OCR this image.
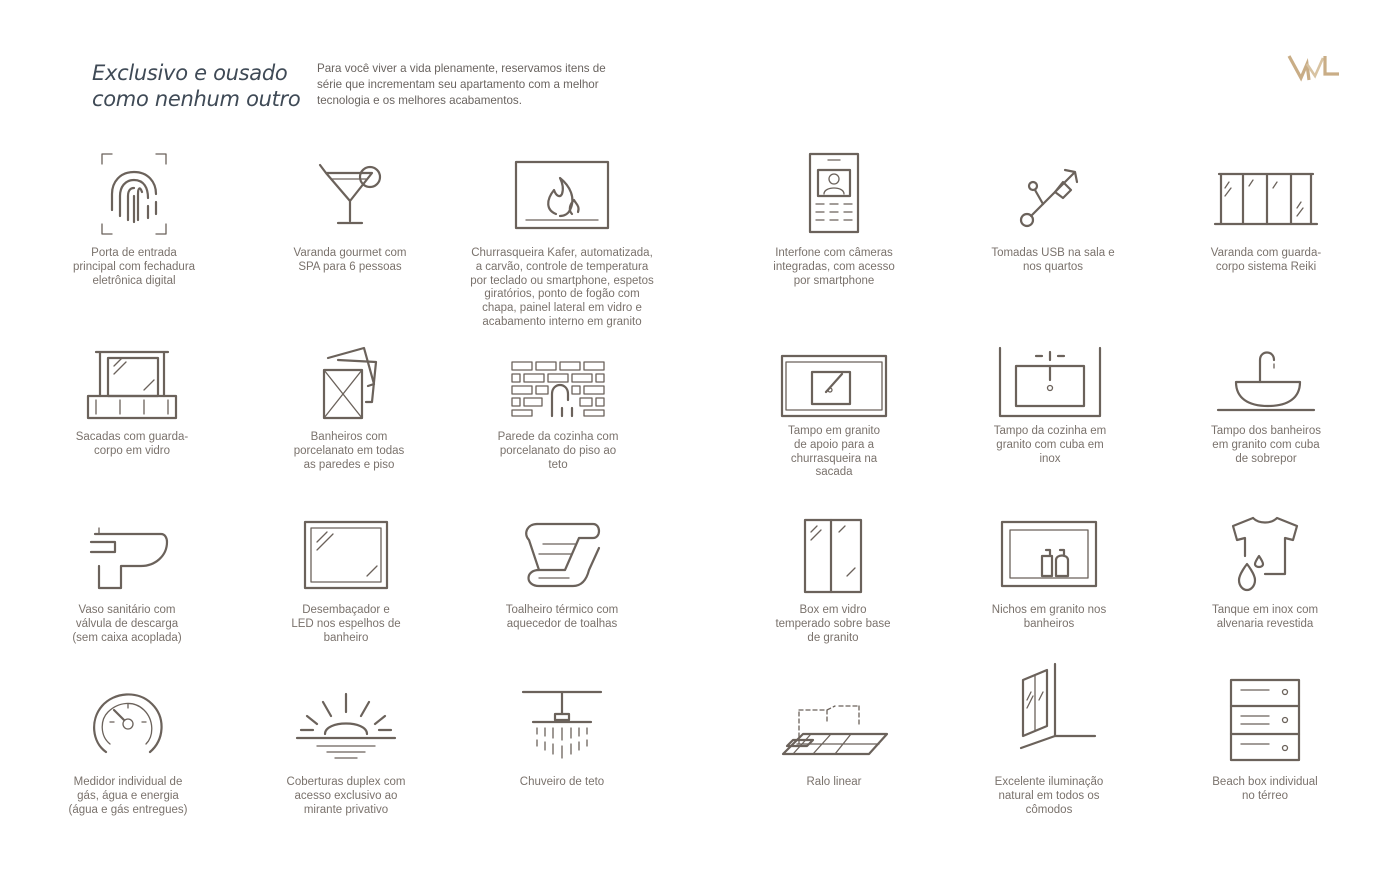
Exclusivo e ousado
como nenhum outro
Para você viver a vida plenamente, reservamos itens de
série que incrementam seu apartamento com a melhor
tecnologia e os melhores acabamentos.
Porta de entrada
principal com fechadura
eletrônica digital
Varanda gourmet com
SPA para 6 pessoas
Churrasqueira Kafer, automatizada,
a carvão, controle de temperatura
por teclado ou smartphone, espetos
giratórios, ponto de fogão com
chapa, painel lateral em vidro e
acabamento interno em granito
Interfone com câmeras
integradas, com acesso
por smartphone
Tomadas USB na sala e
nos quartos
Varanda com guarda-
corpo sistema Reiki
Sacadas com guarda-
corpo em vidro
Banheiros com
porcelanato em todas
as paredes e piso
Parede da cozinha com
porcelanato do piso ao
teto
Tampo em granito
de apoio para a
churrasqueira na
sacada
Tampo da cozinha em
granito com cuba em
inox
Tampo dos banheiros
em granito com cuba
de sobrepor
Vaso sanitário com
válvula de descarga
(sem caixa acoplada)
Desembaçador e
LED nos espelhos de
banheiro
Toalheiro térmico com
aquecedor de toalhas
Box em vidro
temperado sobre base
de granito
Nichos em granito nos
banheiros
Tanque em inox com
alvenaria revestida
Medidor individual de
gás, água e energia
(água e gás entregues)
Coberturas duplex com
acesso exclusivo ao
mirante privativo
Chuveiro de teto	Ralo linear	Excelente iluminação
natural em todos os
cômodos
Beach box individual
no térreo
